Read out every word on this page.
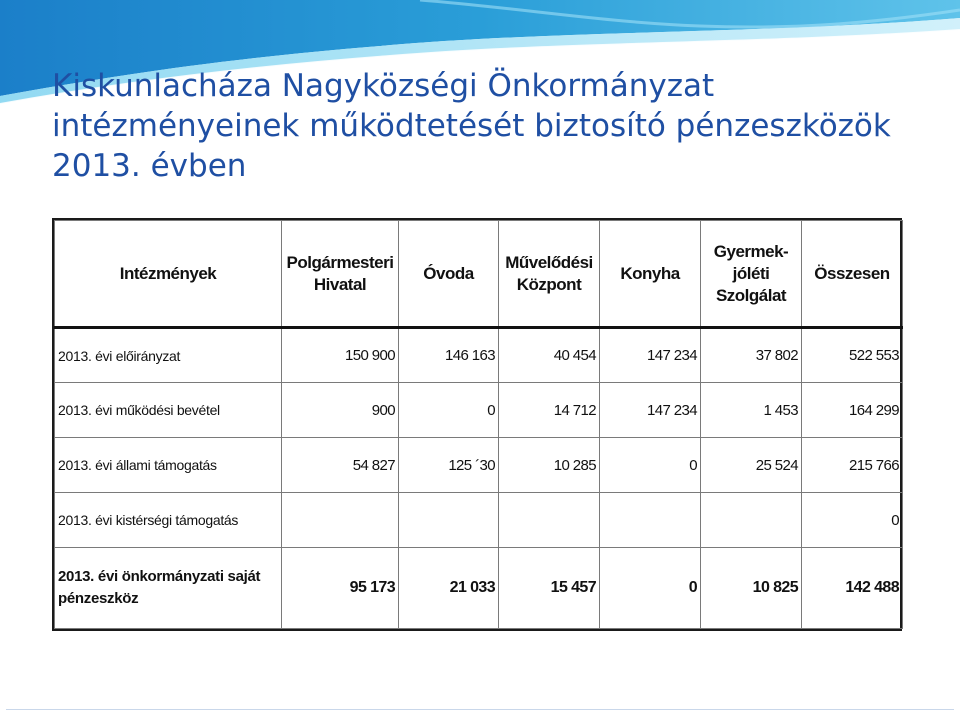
Kiskunlacháza Nagyközségi Önkormányzat
intézményeinek működtetését biztosító pénzeszközök
2013. évben
Intézmények	Polgármesteri Hivatal	Óvoda	Művelődési Központ	Konyha	Gyermek-jóléti Szolgálat	Összesen
2013. évi előirányzat	150 900	146 163	40 454	147 234	37 802	522 553
2013. évi működési bevétel	900	0	14 712	147 234	1 453	164 299
2013. évi állami támogatás	54 827	125 ´30	10 285	0	25 524	215 766
2013. évi kistérségi támogatás						0
2013. évi önkormányzati saját pénzeszköz	95 173	21 033	15 457	0	10 825	142 488
